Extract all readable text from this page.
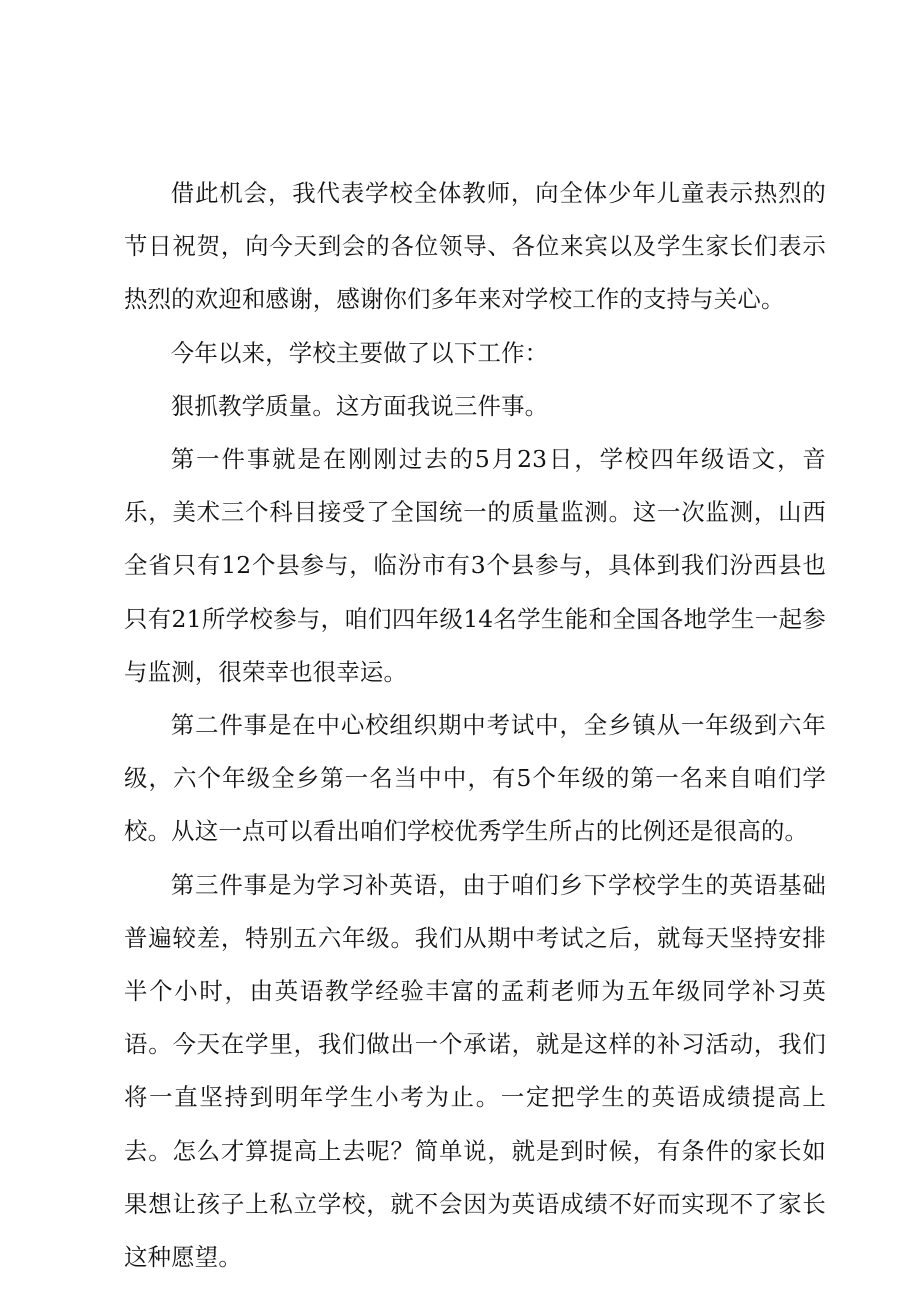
借此机会，我代表学校全体教师，向全体少年儿童表示热烈的节日祝贺，向今天到会的各位领导、各位来宾以及学生家长们表示热烈的欢迎和感谢，感谢你们多年来对学校工作的支持与关心。

今年以来，学校主要做了以下工作：

狠抓教学质量。这方面我说三件事。

第一件事就是在刚刚过去的5月23日，学校四年级语文，音乐，美术三个科目接受了全国统一的质量监测。这一次监测，山西全省只有12个县参与，临汾市有3个县参与，具体到我们汾西县也只有21所学校参与，咱们四年级14名学生能和全国各地学生一起参与监测，很荣幸也很幸运。

第二件事是在中心校组织期中考试中，全乡镇从一年级到六年级，六个年级全乡第一名当中中，有5个年级的第一名来自咱们学校。从这一点可以看出咱们学校优秀学生所占的比例还是很高的。

第三件事是为学习补英语，由于咱们乡下学校学生的英语基础普遍较差，特别五六年级。我们从期中考试之后，就每天坚持安排半个小时，由英语教学经验丰富的孟莉老师为五年级同学补习英语。今天在学里，我们做出一个承诺，就是这样的补习活动，我们将一直坚持到明年学生小考为止。一定把学生的英语成绩提高上去。怎么才算提高上去呢？简单说，就是到时候，有条件的家长如果想让孩子上私立学校，就不会因为英语成绩不好而实现不了家长这种愿望。
